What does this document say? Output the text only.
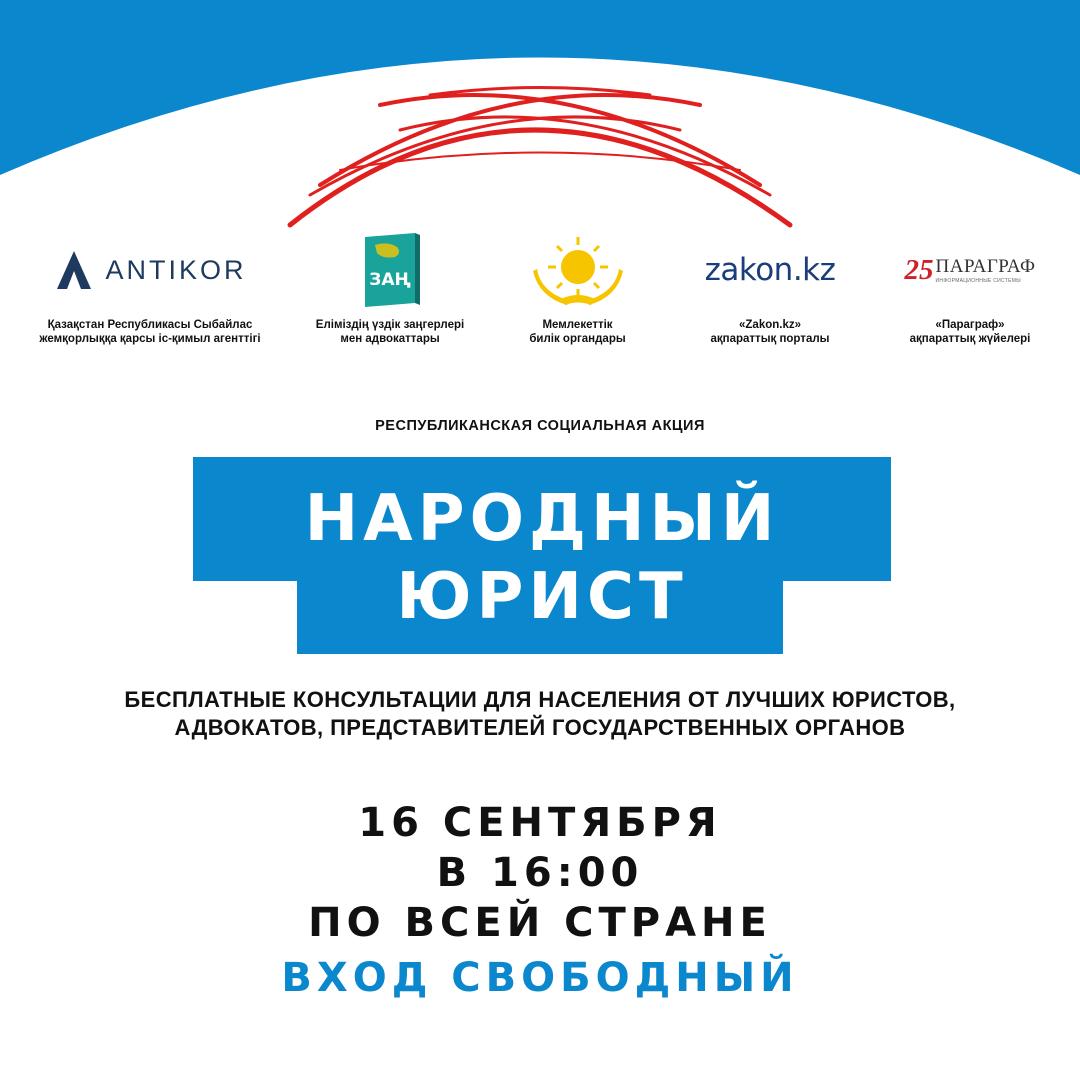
ANTIKOR
Қазақстан Республикасы Сыбайлас
жемқорлыққа қарсы іс-қимыл агенттігі
ЗАҢ
Еліміздің үздік заңгерлері
мен адвокаттары
Мемлекеттік
билік органдары
zakon.kz
«Zakon.kz»
ақпараттық порталы
25 ПАРАГРАФ
ИНФОРМАЦИОННЫЕ СИСТЕМЫ
«Параграф»
ақпараттық жүйелері
РЕСПУБЛИКАНСКАЯ СОЦИАЛЬНАЯ АКЦИЯ
НАРОДНЫЙ
ЮРИСТ
БЕСПЛАТНЫЕ КОНСУЛЬТАЦИИ ДЛЯ НАСЕЛЕНИЯ ОТ ЛУЧШИХ ЮРИСТОВ,
АДВОКАТОВ, ПРЕДСТАВИТЕЛЕЙ ГОСУДАРСТВЕННЫХ ОРГАНОВ
16 СЕНТЯБРЯ
В 16:00
ПО ВСЕЙ СТРАНЕ
ВХОД СВОБОДНЫЙ
